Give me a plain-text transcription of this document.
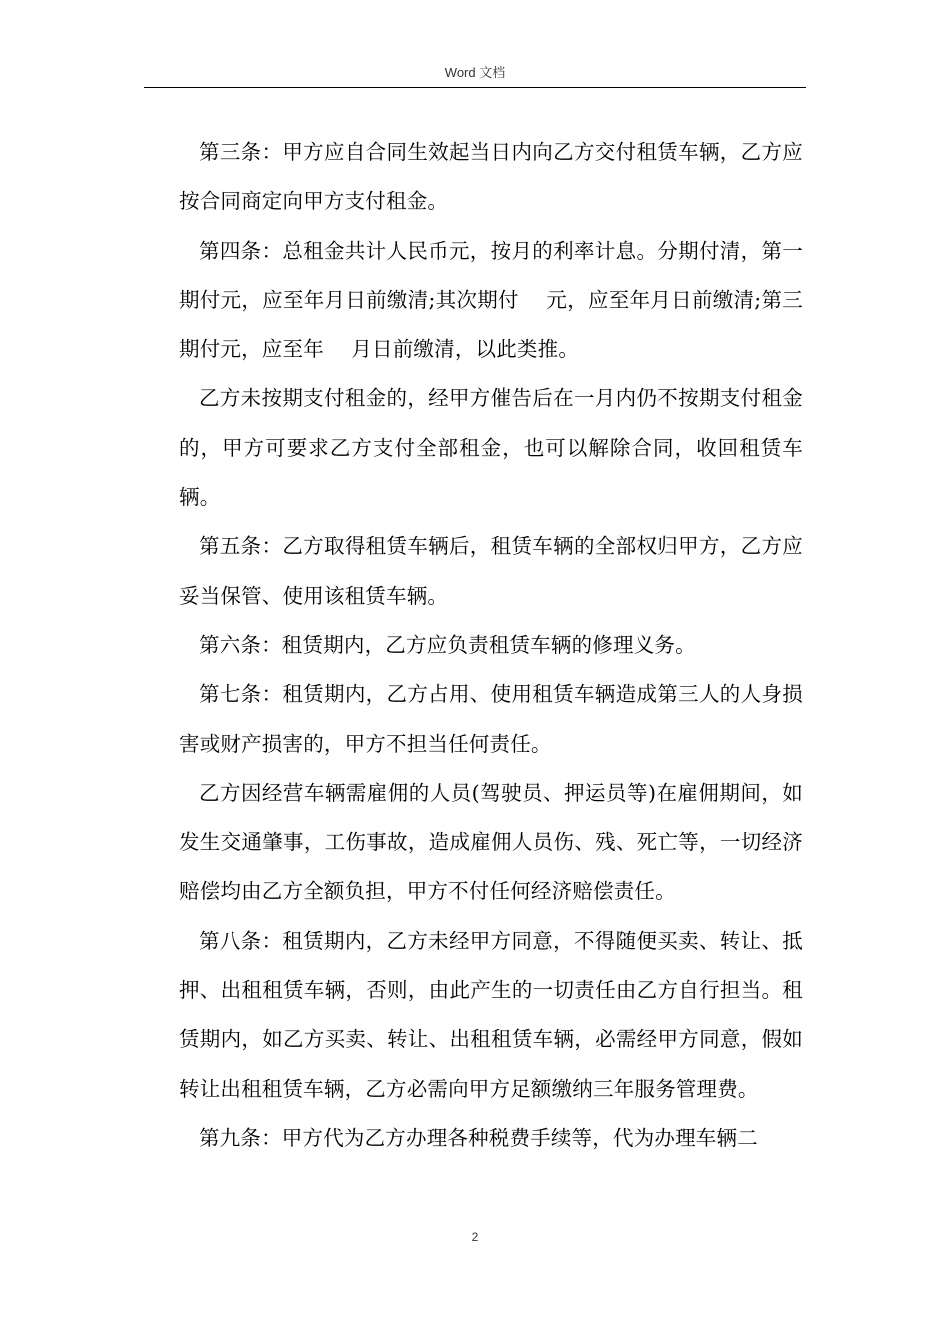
Word 文档

第三条：甲方应自合同生效起当日内向乙方交付租赁车辆，乙方应按合同商定向甲方支付租金。

第四条：总租金共计人民币元，按月的利率计息。分期付清，第一期付元，应至年月日前缴清;其次期付　 元，应至年月日前缴清;第三期付元，应至年　 月日前缴清，以此类推。

乙方未按期支付租金的，经甲方催告后在一月内仍不按期支付租金的，甲方可要求乙方支付全部租金，也可以解除合同，收回租赁车辆。

第五条：乙方取得租赁车辆后，租赁车辆的全部权归甲方，乙方应妥当保管、使用该租赁车辆。

第六条：租赁期内，乙方应负责租赁车辆的修理义务。

第七条：租赁期内，乙方占用、使用租赁车辆造成第三人的人身损害或财产损害的，甲方不担当任何责任。

乙方因经营车辆需雇佣的人员(驾驶员、押运员等)在雇佣期间，如发生交通肇事，工伤事故，造成雇佣人员伤、残、死亡等，一切经济赔偿均由乙方全额负担，甲方不付任何经济赔偿责任。

第八条：租赁期内，乙方未经甲方同意，不得随便买卖、转让、抵押、出租租赁车辆，否则，由此产生的一切责任由乙方自行担当。租赁期内，如乙方买卖、转让、出租租赁车辆，必需经甲方同意，假如转让出租租赁车辆，乙方必需向甲方足额缴纳三年服务管理费。

第九条：甲方代为乙方办理各种税费手续等，代为办理车辆二

2
